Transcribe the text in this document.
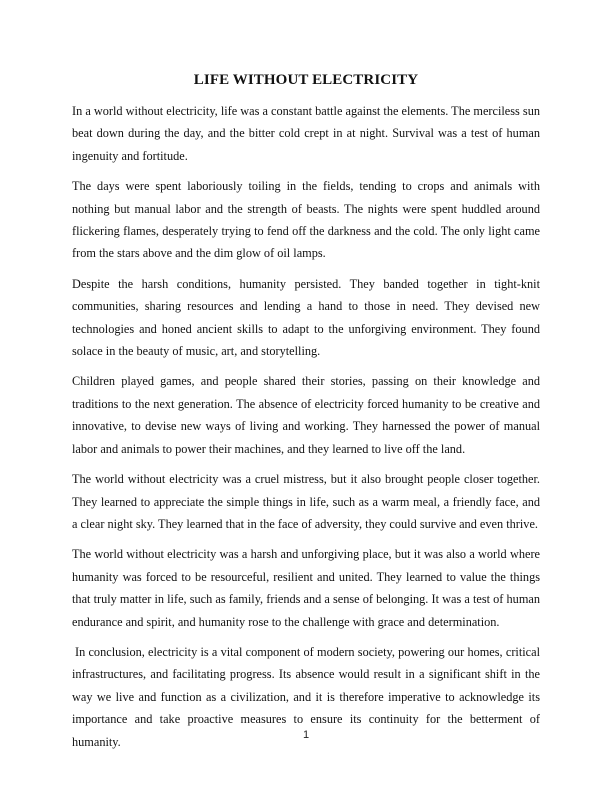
LIFE WITHOUT ELECTRICITY

In a world without electricity, life was a constant battle against the elements. The merciless sun beat down during the day, and the bitter cold crept in at night. Survival was a test of human ingenuity and fortitude.

The days were spent laboriously toiling in the fields, tending to crops and animals with nothing but manual labor and the strength of beasts. The nights were spent huddled around flickering flames, desperately trying to fend off the darkness and the cold. The only light came from the stars above and the dim glow of oil lamps.

Despite the harsh conditions, humanity persisted. They banded together in tight-knit communities, sharing resources and lending a hand to those in need. They devised new technologies and honed ancient skills to adapt to the unforgiving environment. They found solace in the beauty of music, art, and storytelling.

Children played games, and people shared their stories, passing on their knowledge and traditions to the next generation. The absence of electricity forced humanity to be creative and innovative, to devise new ways of living and working. They harnessed the power of manual labor and animals to power their machines, and they learned to live off the land.

The world without electricity was a cruel mistress, but it also brought people closer together. They learned to appreciate the simple things in life, such as a warm meal, a friendly face, and a clear night sky. They learned that in the face of adversity, they could survive and even thrive.

The world without electricity was a harsh and unforgiving place, but it was also a world where humanity was forced to be resourceful, resilient and united. They learned to value the things that truly matter in life, such as family, friends and a sense of belonging. It was a test of human endurance and spirit, and humanity rose to the challenge with grace and determination.

In conclusion, electricity is a vital component of modern society, powering our homes, critical infrastructures, and facilitating progress. Its absence would result in a significant shift in the way we live and function as a civilization, and it is therefore imperative to acknowledge its importance and take proactive measures to ensure its continuity for the betterment of humanity.	1
